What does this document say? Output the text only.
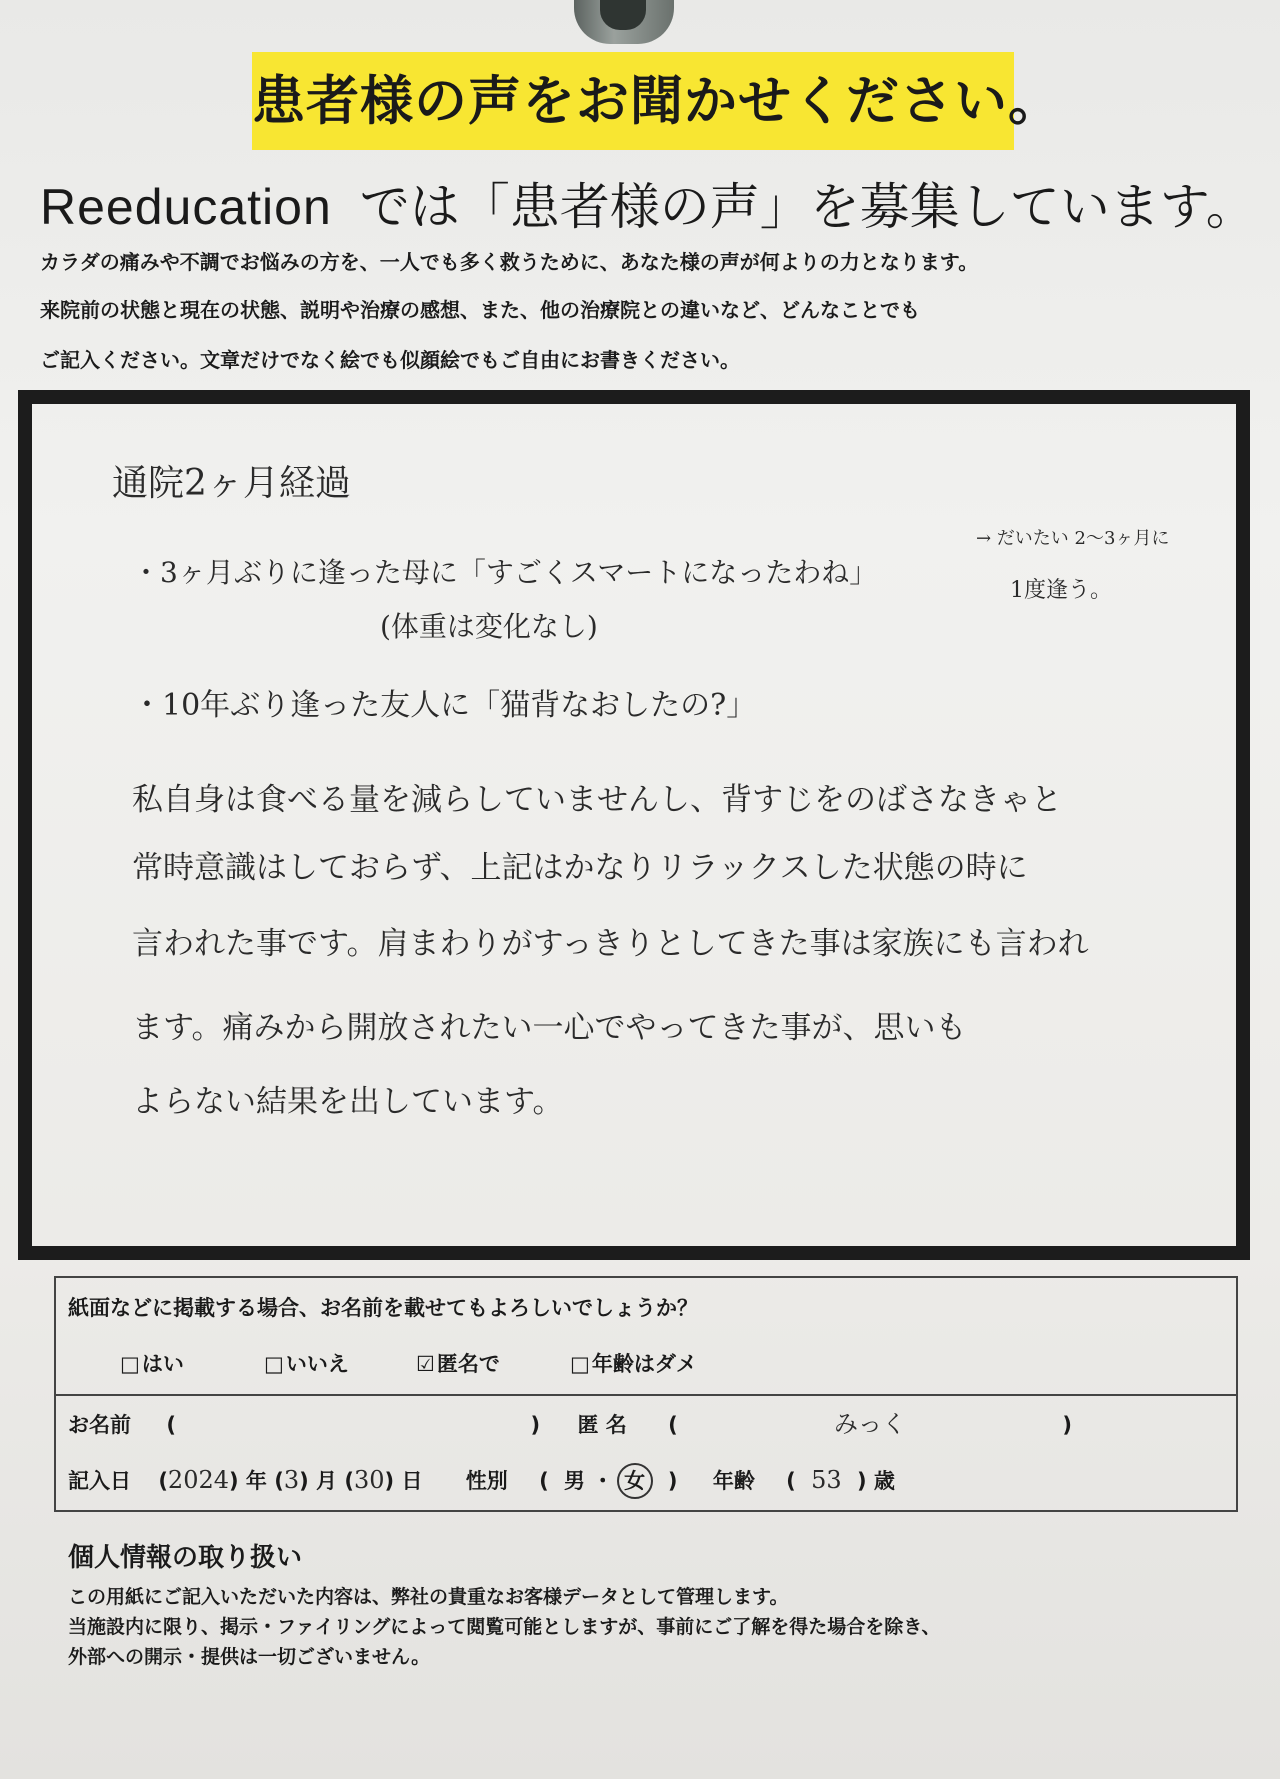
患者様の声をお聞かせください。
Reeducation では「患者様の声」を募集しています。
カラダの痛みや不調でお悩みの方を、一人でも多く救うために、あなた様の声が何よりの力となります。
来院前の状態と現在の状態、説明や治療の感想、また、他の治療院との違いなど、どんなことでも
ご記入ください。文章だけでなく絵でも似顔絵でもご自由にお書きください。
通院2ヶ月経過
・3ヶ月ぶりに逢った母に「すごくスマートになったわね」
→ だいたい 2〜3ヶ月に
1度逢う。
(体重は変化なし)
・10年ぶり逢った友人に「猫背なおしたの?」
私自身は食べる量を減らしていませんし、背すじをのばさなきゃと
常時意識はしておらず、上記はかなりリラックスした状態の時に
言われた事です。肩まわりがすっきりとしてきた事は家族にも言われ
ます。痛みから開放されたい一心でやってきた事が、思いも
よらない結果を出しています。
紙面などに掲載する場合、お名前を載せてもよろしいでしょうか？
□はい	□いいえ	☑匿名で	□年齢はダメ
お名前 (	) 匿 名 (	みっく	)
記入日 (2024) 年 (3) 月 (30) 日 性別 ( 男 ・ 女 ) 年齢 ( 53 ) 歳
個人情報の取り扱い
この用紙にご記入いただいた内容は、弊社の貴重なお客様データとして管理します。
当施設内に限り、掲示・ファイリングによって閲覧可能としますが、事前にご了解を得た場合を除き、
外部への開示・提供は一切ございません。
